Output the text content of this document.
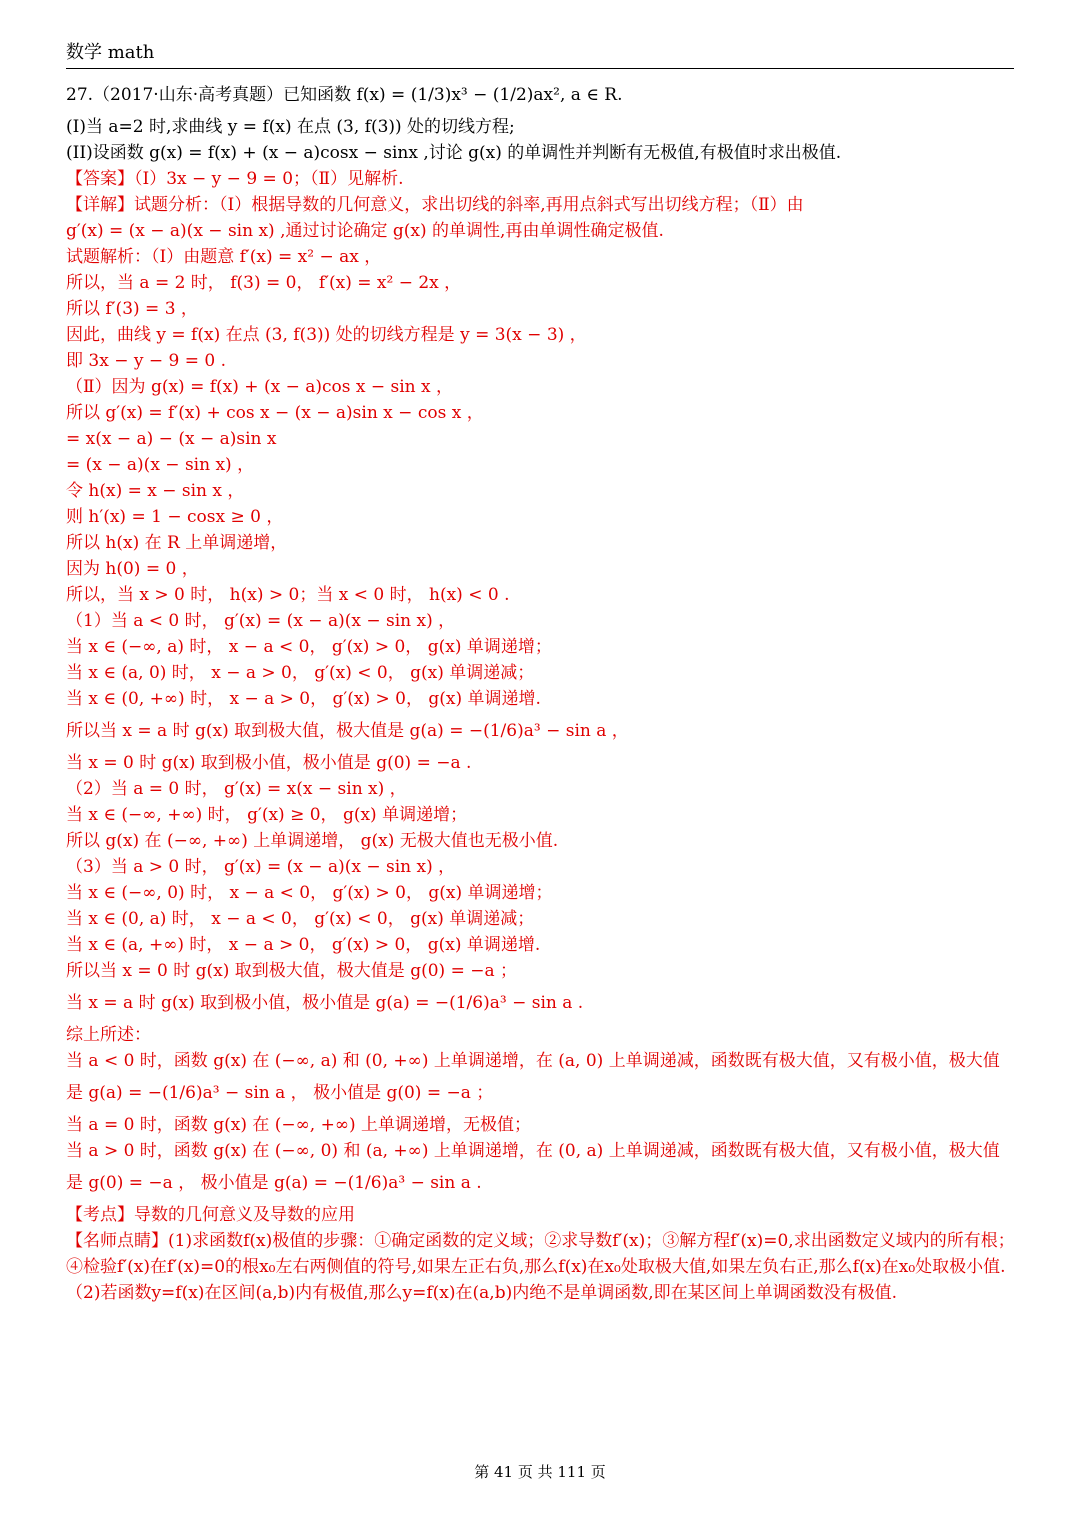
数学 math
27.（2017·山东·高考真题）已知函数 f(x) = (1/3)x³ − (1/2)ax², a ∈ R.
(I)当 a=2 时,求曲线 y = f(x) 在点 (3, f(3)) 处的切线方程;
(II)设函数 g(x) = f(x) + (x − a)cosx − sinx ,讨论 g(x) 的单调性并判断有无极值,有极值时求出极值.
【答案】（Ⅰ）3x − y − 9 = 0；（Ⅱ）见解析.
【详解】试题分析：（Ⅰ）根据导数的几何意义，求出切线的斜率,再用点斜式写出切线方程；（Ⅱ）由
g′(x) = (x − a)(x − sin x) ,通过讨论确定 g(x) 的单调性,再由单调性确定极值.
试题解析：（Ⅰ）由题意 f′(x) = x² − ax ，
所以，当 a = 2 时， f(3) = 0， f′(x) = x² − 2x ，
所以 f′(3) = 3 ，
因此，曲线 y = f(x) 在点 (3, f(3)) 处的切线方程是 y = 3(x − 3) ，
即 3x − y − 9 = 0 .
（Ⅱ）因为 g(x) = f(x) + (x − a)cos x − sin x ，
所以 g′(x) = f′(x) + cos x − (x − a)sin x − cos x ，
= x(x − a) − (x − a)sin x
= (x − a)(x − sin x) ，
令 h(x) = x − sin x ，
则 h′(x) = 1 − cosx ≥ 0 ，
所以 h(x) 在 R 上单调递增，
因为 h(0) = 0 ，
所以，当 x > 0 时， h(x) > 0；当 x < 0 时， h(x) < 0 .
（1）当 a < 0 时， g′(x) = (x − a)(x − sin x) ，
当 x ∈ (−∞, a) 时， x − a < 0， g′(x) > 0， g(x) 单调递增；
当 x ∈ (a, 0) 时， x − a > 0， g′(x) < 0， g(x) 单调递减；
当 x ∈ (0, +∞) 时， x − a > 0， g′(x) > 0， g(x) 单调递增.
所以当 x = a 时 g(x) 取到极大值，极大值是 g(a) = −(1/6)a³ − sin a ，
当 x = 0 时 g(x) 取到极小值，极小值是 g(0) = −a .
（2）当 a = 0 时， g′(x) = x(x − sin x) ，
当 x ∈ (−∞, +∞) 时， g′(x) ≥ 0， g(x) 单调递增；
所以 g(x) 在 (−∞, +∞) 上单调递增， g(x) 无极大值也无极小值.
（3）当 a > 0 时， g′(x) = (x − a)(x − sin x) ，
当 x ∈ (−∞, 0) 时， x − a < 0， g′(x) > 0， g(x) 单调递增；
当 x ∈ (0, a) 时， x − a < 0， g′(x) < 0， g(x) 单调递减；
当 x ∈ (a, +∞) 时， x − a > 0， g′(x) > 0， g(x) 单调递增.
所以当 x = 0 时 g(x) 取到极大值，极大值是 g(0) = −a ；
当 x = a 时 g(x) 取到极小值，极小值是 g(a) = −(1/6)a³ − sin a .
综上所述：
当 a < 0 时，函数 g(x) 在 (−∞, a) 和 (0, +∞) 上单调递增，在 (a, 0) 上单调递减，函数既有极大值，又有极小值，极大值
是 g(a) = −(1/6)a³ − sin a ， 极小值是 g(0) = −a ；
当 a = 0 时，函数 g(x) 在 (−∞, +∞) 上单调递增，无极值；
当 a > 0 时，函数 g(x) 在 (−∞, 0) 和 (a, +∞) 上单调递增，在 (0, a) 上单调递减，函数既有极大值，又有极小值，极大值
是 g(0) = −a ， 极小值是 g(a) = −(1/6)a³ − sin a .
【考点】导数的几何意义及导数的应用
【名师点睛】(1)求函数f(x)极值的步骤：①确定函数的定义域；②求导数f′(x)；③解方程f′(x)=0,求出函数定义域内的所有根；④检验f′(x)在f′(x)=0的根x₀左右两侧值的符号,如果左正右负,那么f(x)在x₀处取极大值,如果左负右正,那么f(x)在x₀处取极小值.（2)若函数y=f(x)在区间(a,b)内有极值,那么y=f(x)在(a,b)内绝不是单调函数,即在某区间上单调函数没有极值.
第 41 页 共 111 页
